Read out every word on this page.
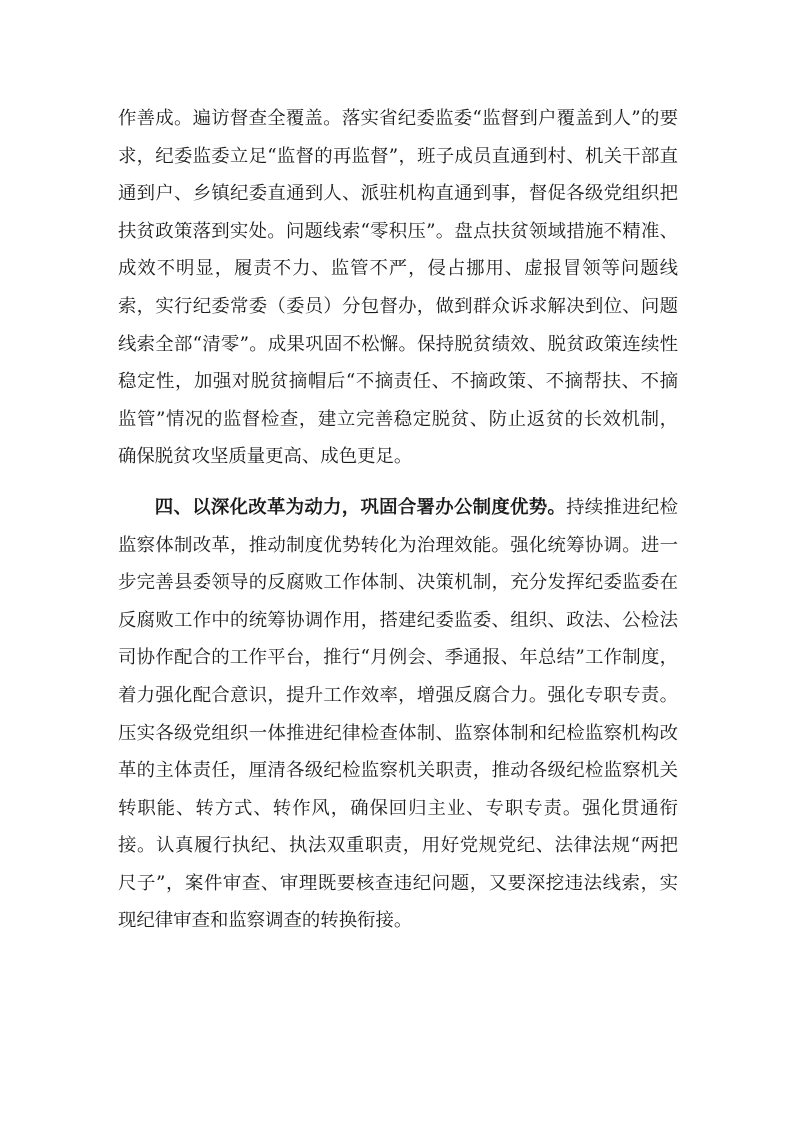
作善成。遍访督查全覆盖。落实省纪委监委“监督到户覆盖到人”的要求，纪委监委立足“监督的再监督”，班子成员直通到村、机关干部直通到户、乡镇纪委直通到人、派驻机构直通到事，督促各级党组织把扶贫政策落到实处。问题线索“零积压”。盘点扶贫领域措施不精准、成效不明显，履责不力、监管不严，侵占挪用、虚报冒领等问题线索，实行纪委常委（委员）分包督办，做到群众诉求解决到位、问题线索全部“清零”。成果巩固不松懈。保持脱贫绩效、脱贫政策连续性稳定性，加强对脱贫摘帽后“不摘责任、不摘政策、不摘帮扶、不摘监管”情况的监督检查，建立完善稳定脱贫、防止返贫的长效机制，确保脱贫攻坚质量更高、成色更足。

四、以深化改革为动力，巩固合署办公制度优势。持续推进纪检监察体制改革，推动制度优势转化为治理效能。强化统筹协调。进一步完善县委领导的反腐败工作体制、决策机制，充分发挥纪委监委在反腐败工作中的统筹协调作用，搭建纪委监委、组织、政法、公检法司协作配合的工作平台，推行“月例会、季通报、年总结”工作制度，着力强化配合意识，提升工作效率，增强反腐合力。强化专职专责。压实各级党组织一体推进纪律检查体制、监察体制和纪检监察机构改革的主体责任，厘清各级纪检监察机关职责，推动各级纪检监察机关转职能、转方式、转作风，确保回归主业、专职专责。强化贯通衔接。认真履行执纪、执法双重职责，用好党规党纪、法律法规“两把尺子”，案件审查、审理既要核查违纪问题，又要深挖违法线索，实现纪律审查和监察调查的转换衔接。
